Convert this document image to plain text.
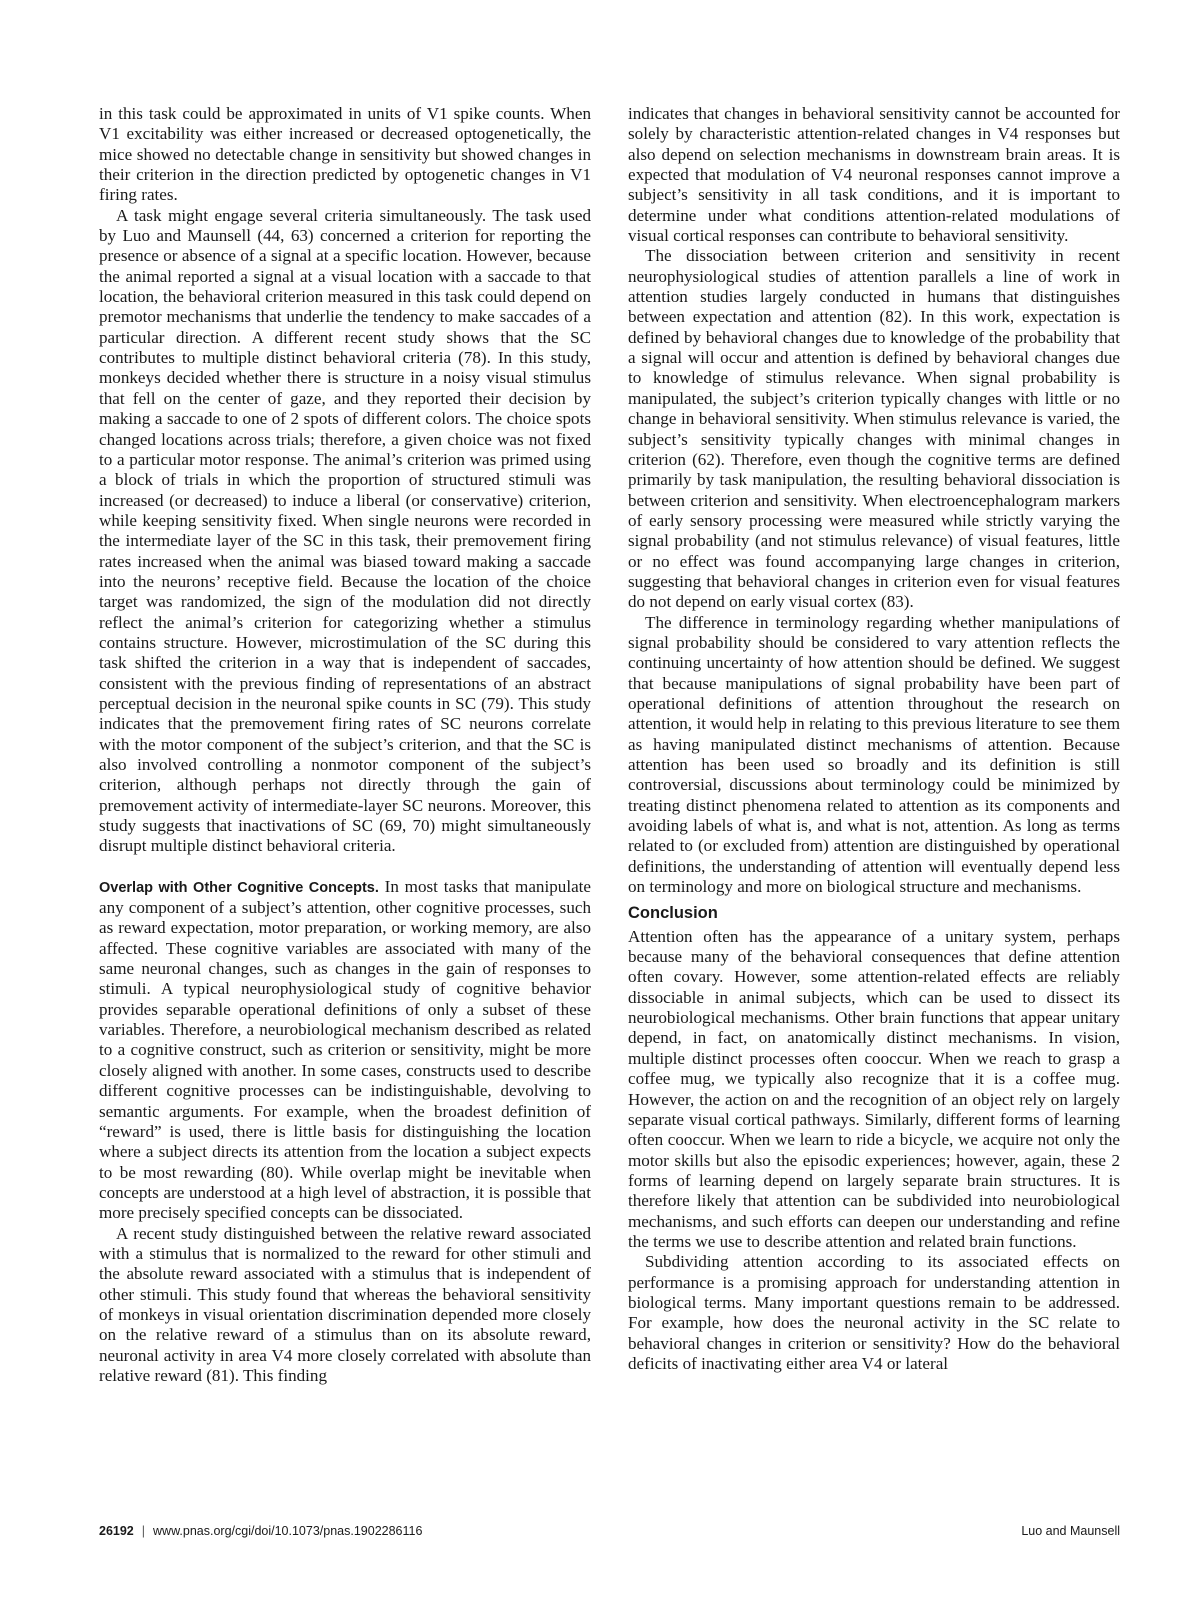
in this task could be approximated in units of V1 spike counts. When V1 excitability was either increased or decreased optogenetically, the mice showed no detectable change in sensitivity but showed changes in their criterion in the direction predicted by optogenetic changes in V1 firing rates.

A task might engage several criteria simultaneously. The task used by Luo and Maunsell (44, 63) concerned a criterion for reporting the presence or absence of a signal at a specific location. However, because the animal reported a signal at a visual location with a saccade to that location, the behavioral criterion measured in this task could depend on premotor mechanisms that underlie the tendency to make saccades of a particular direction. A different recent study shows that the SC contributes to multiple distinct behavioral criteria (78). In this study, monkeys decided whether there is structure in a noisy visual stimulus that fell on the center of gaze, and they reported their decision by making a saccade to one of 2 spots of different colors. The choice spots changed locations across trials; therefore, a given choice was not fixed to a particular motor response. The animal’s criterion was primed using a block of trials in which the proportion of structured stimuli was increased (or decreased) to induce a liberal (or conservative) criterion, while keeping sensitivity fixed. When single neurons were recorded in the intermediate layer of the SC in this task, their premovement firing rates increased when the animal was biased toward making a saccade into the neurons’ receptive field. Because the location of the choice target was randomized, the sign of the modulation did not directly reflect the animal’s criterion for categorizing whether a stimulus contains structure. However, microstimulation of the SC during this task shifted the criterion in a way that is independent of saccades, consistent with the previous finding of representations of an abstract perceptual decision in the neuronal spike counts in SC (79). This study indicates that the premovement firing rates of SC neurons correlate with the motor component of the subject’s criterion, and that the SC is also involved controlling a nonmotor component of the subject’s criterion, although perhaps not directly through the gain of premovement activity of intermediate-layer SC neurons. Moreover, this study suggests that inactivations of SC (69, 70) might simultaneously disrupt multiple distinct behavioral criteria.

Overlap with Other Cognitive Concepts. In most tasks that manipulate any component of a subject’s attention, other cognitive processes, such as reward expectation, motor preparation, or working memory, are also affected. These cognitive variables are associated with many of the same neuronal changes, such as changes in the gain of responses to stimuli. A typical neurophysiological study of cognitive behavior provides separable operational definitions of only a subset of these variables. Therefore, a neurobiological mechanism described as related to a cognitive construct, such as criterion or sensitivity, might be more closely aligned with another. In some cases, constructs used to describe different cognitive processes can be indistinguishable, devolving to semantic arguments. For example, when the broadest definition of “reward” is used, there is little basis for distinguishing the location where a subject directs its attention from the location a subject expects to be most rewarding (80). While overlap might be inevitable when concepts are understood at a high level of abstraction, it is possible that more precisely specified concepts can be dissociated.

A recent study distinguished between the relative reward associated with a stimulus that is normalized to the reward for other stimuli and the absolute reward associated with a stimulus that is independent of other stimuli. This study found that whereas the behavioral sensitivity of monkeys in visual orientation discrimination depended more closely on the relative reward of a stimulus than on its absolute reward, neuronal activity in area V4 more closely correlated with absolute than relative reward (81). This finding

indicates that changes in behavioral sensitivity cannot be accounted for solely by characteristic attention-related changes in V4 responses but also depend on selection mechanisms in downstream brain areas. It is expected that modulation of V4 neuronal responses cannot improve a subject’s sensitivity in all task conditions, and it is important to determine under what conditions attention-related modulations of visual cortical responses can contribute to behavioral sensitivity.

The dissociation between criterion and sensitivity in recent neurophysiological studies of attention parallels a line of work in attention studies largely conducted in humans that distinguishes between expectation and attention (82). In this work, expectation is defined by behavioral changes due to knowledge of the probability that a signal will occur and attention is defined by behavioral changes due to knowledge of stimulus relevance. When signal probability is manipulated, the subject’s criterion typically changes with little or no change in behavioral sensitivity. When stimulus relevance is varied, the subject’s sensitivity typically changes with minimal changes in criterion (62). Therefore, even though the cognitive terms are defined primarily by task manipulation, the resulting behavioral dissociation is between criterion and sensitivity. When electroencephalogram markers of early sensory processing were measured while strictly varying the signal probability (and not stimulus relevance) of visual features, little or no effect was found accompanying large changes in criterion, suggesting that behavioral changes in criterion even for visual features do not depend on early visual cortex (83).

The difference in terminology regarding whether manipulations of signal probability should be considered to vary attention reflects the continuing uncertainty of how attention should be defined. We suggest that because manipulations of signal probability have been part of operational definitions of attention throughout the research on attention, it would help in relating to this previous literature to see them as having manipulated distinct mechanisms of attention. Because attention has been used so broadly and its definition is still controversial, discussions about terminology could be minimized by treating distinct phenomena related to attention as its components and avoiding labels of what is, and what is not, attention. As long as terms related to (or excluded from) attention are distinguished by operational definitions, the understanding of attention will eventually depend less on terminology and more on biological structure and mechanisms.

Conclusion

Attention often has the appearance of a unitary system, perhaps because many of the behavioral consequences that define attention often covary. However, some attention-related effects are reliably dissociable in animal subjects, which can be used to dissect its neurobiological mechanisms. Other brain functions that appear unitary depend, in fact, on anatomically distinct mechanisms. In vision, multiple distinct processes often cooccur. When we reach to grasp a coffee mug, we typically also recognize that it is a coffee mug. However, the action on and the recognition of an object rely on largely separate visual cortical pathways. Similarly, different forms of learning often cooccur. When we learn to ride a bicycle, we acquire not only the motor skills but also the episodic experiences; however, again, these 2 forms of learning depend on largely separate brain structures. It is therefore likely that attention can be subdivided into neurobiological mechanisms, and such efforts can deepen our understanding and refine the terms we use to describe attention and related brain functions.

Subdividing attention according to its associated effects on performance is a promising approach for understanding attention in biological terms. Many important questions remain to be addressed. For example, how does the neuronal activity in the SC relate to behavioral changes in criterion or sensitivity? How do the behavioral deficits of inactivating either area V4 or lateral

26192 | www.pnas.org/cgi/doi/10.1073/pnas.1902286116	Luo and Maunsell
